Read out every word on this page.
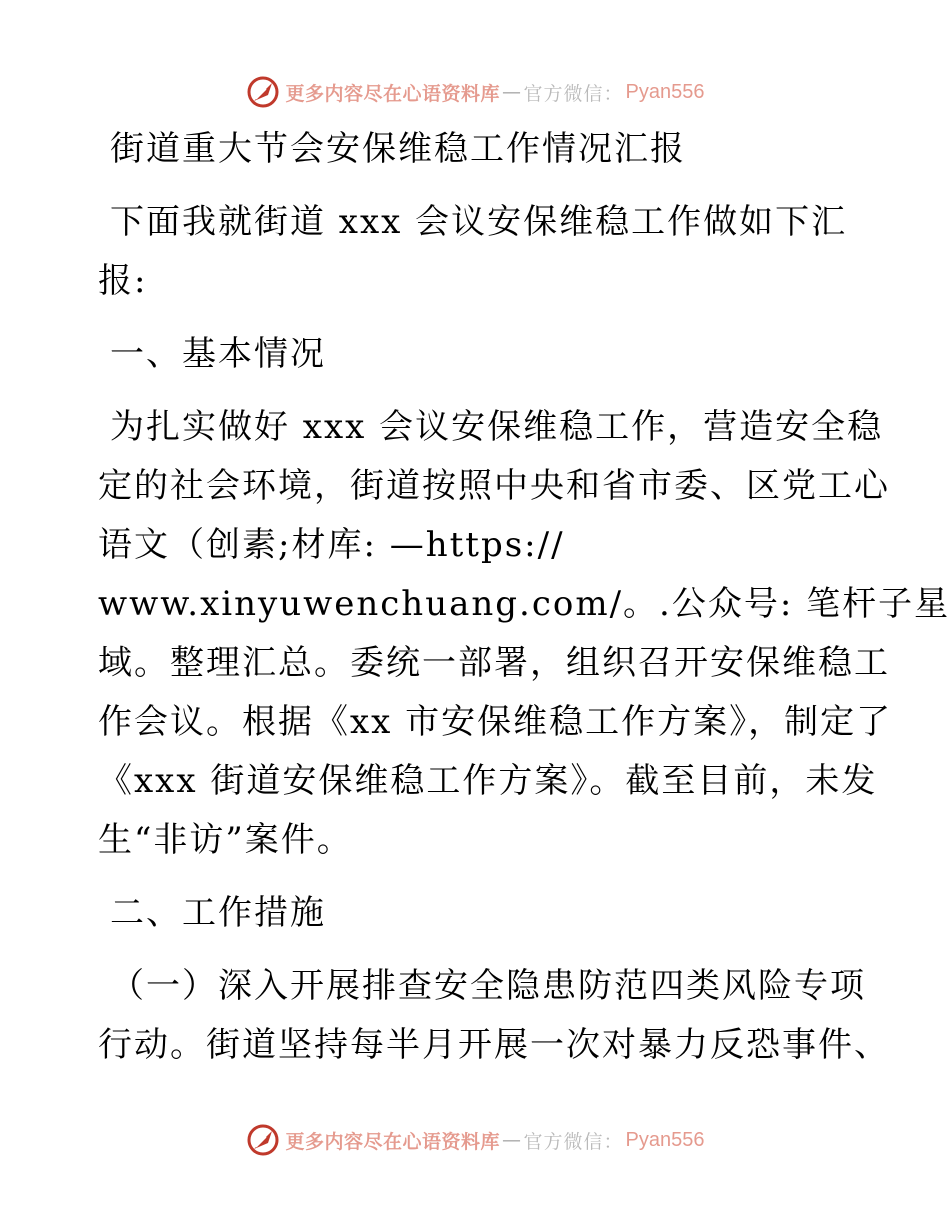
更多内容尽在心语资料库 — 官方微信： Pyan556
街道重大节会安保维稳工作情况汇报
下面我就街道 xxx 会议安保维稳工作做如下汇
报:
一、基本情况
为扎实做好 xxx 会议安保维稳工作，营造安全稳
定的社会环境，街道按照中央和省市委、区党工心
语文（创素;材库: —https://
www.xinyuwenchuang.com/。.公众号: 笔杆子星
域。整理汇总。委统一部署，组织召开安保维稳工
作会议。根据《xx 市安保维稳工作方案》，制定了
《xxx 街道安保维稳工作方案》。截至目前，未发
生“非访”案件。
二、工作措施
（一）深入开展排查安全隐患防范四类风险专项
行动。街道坚持每半月开展一次对暴力反恐事件、
更多内容尽在心语资料库 — 官方微信： Pyan556
